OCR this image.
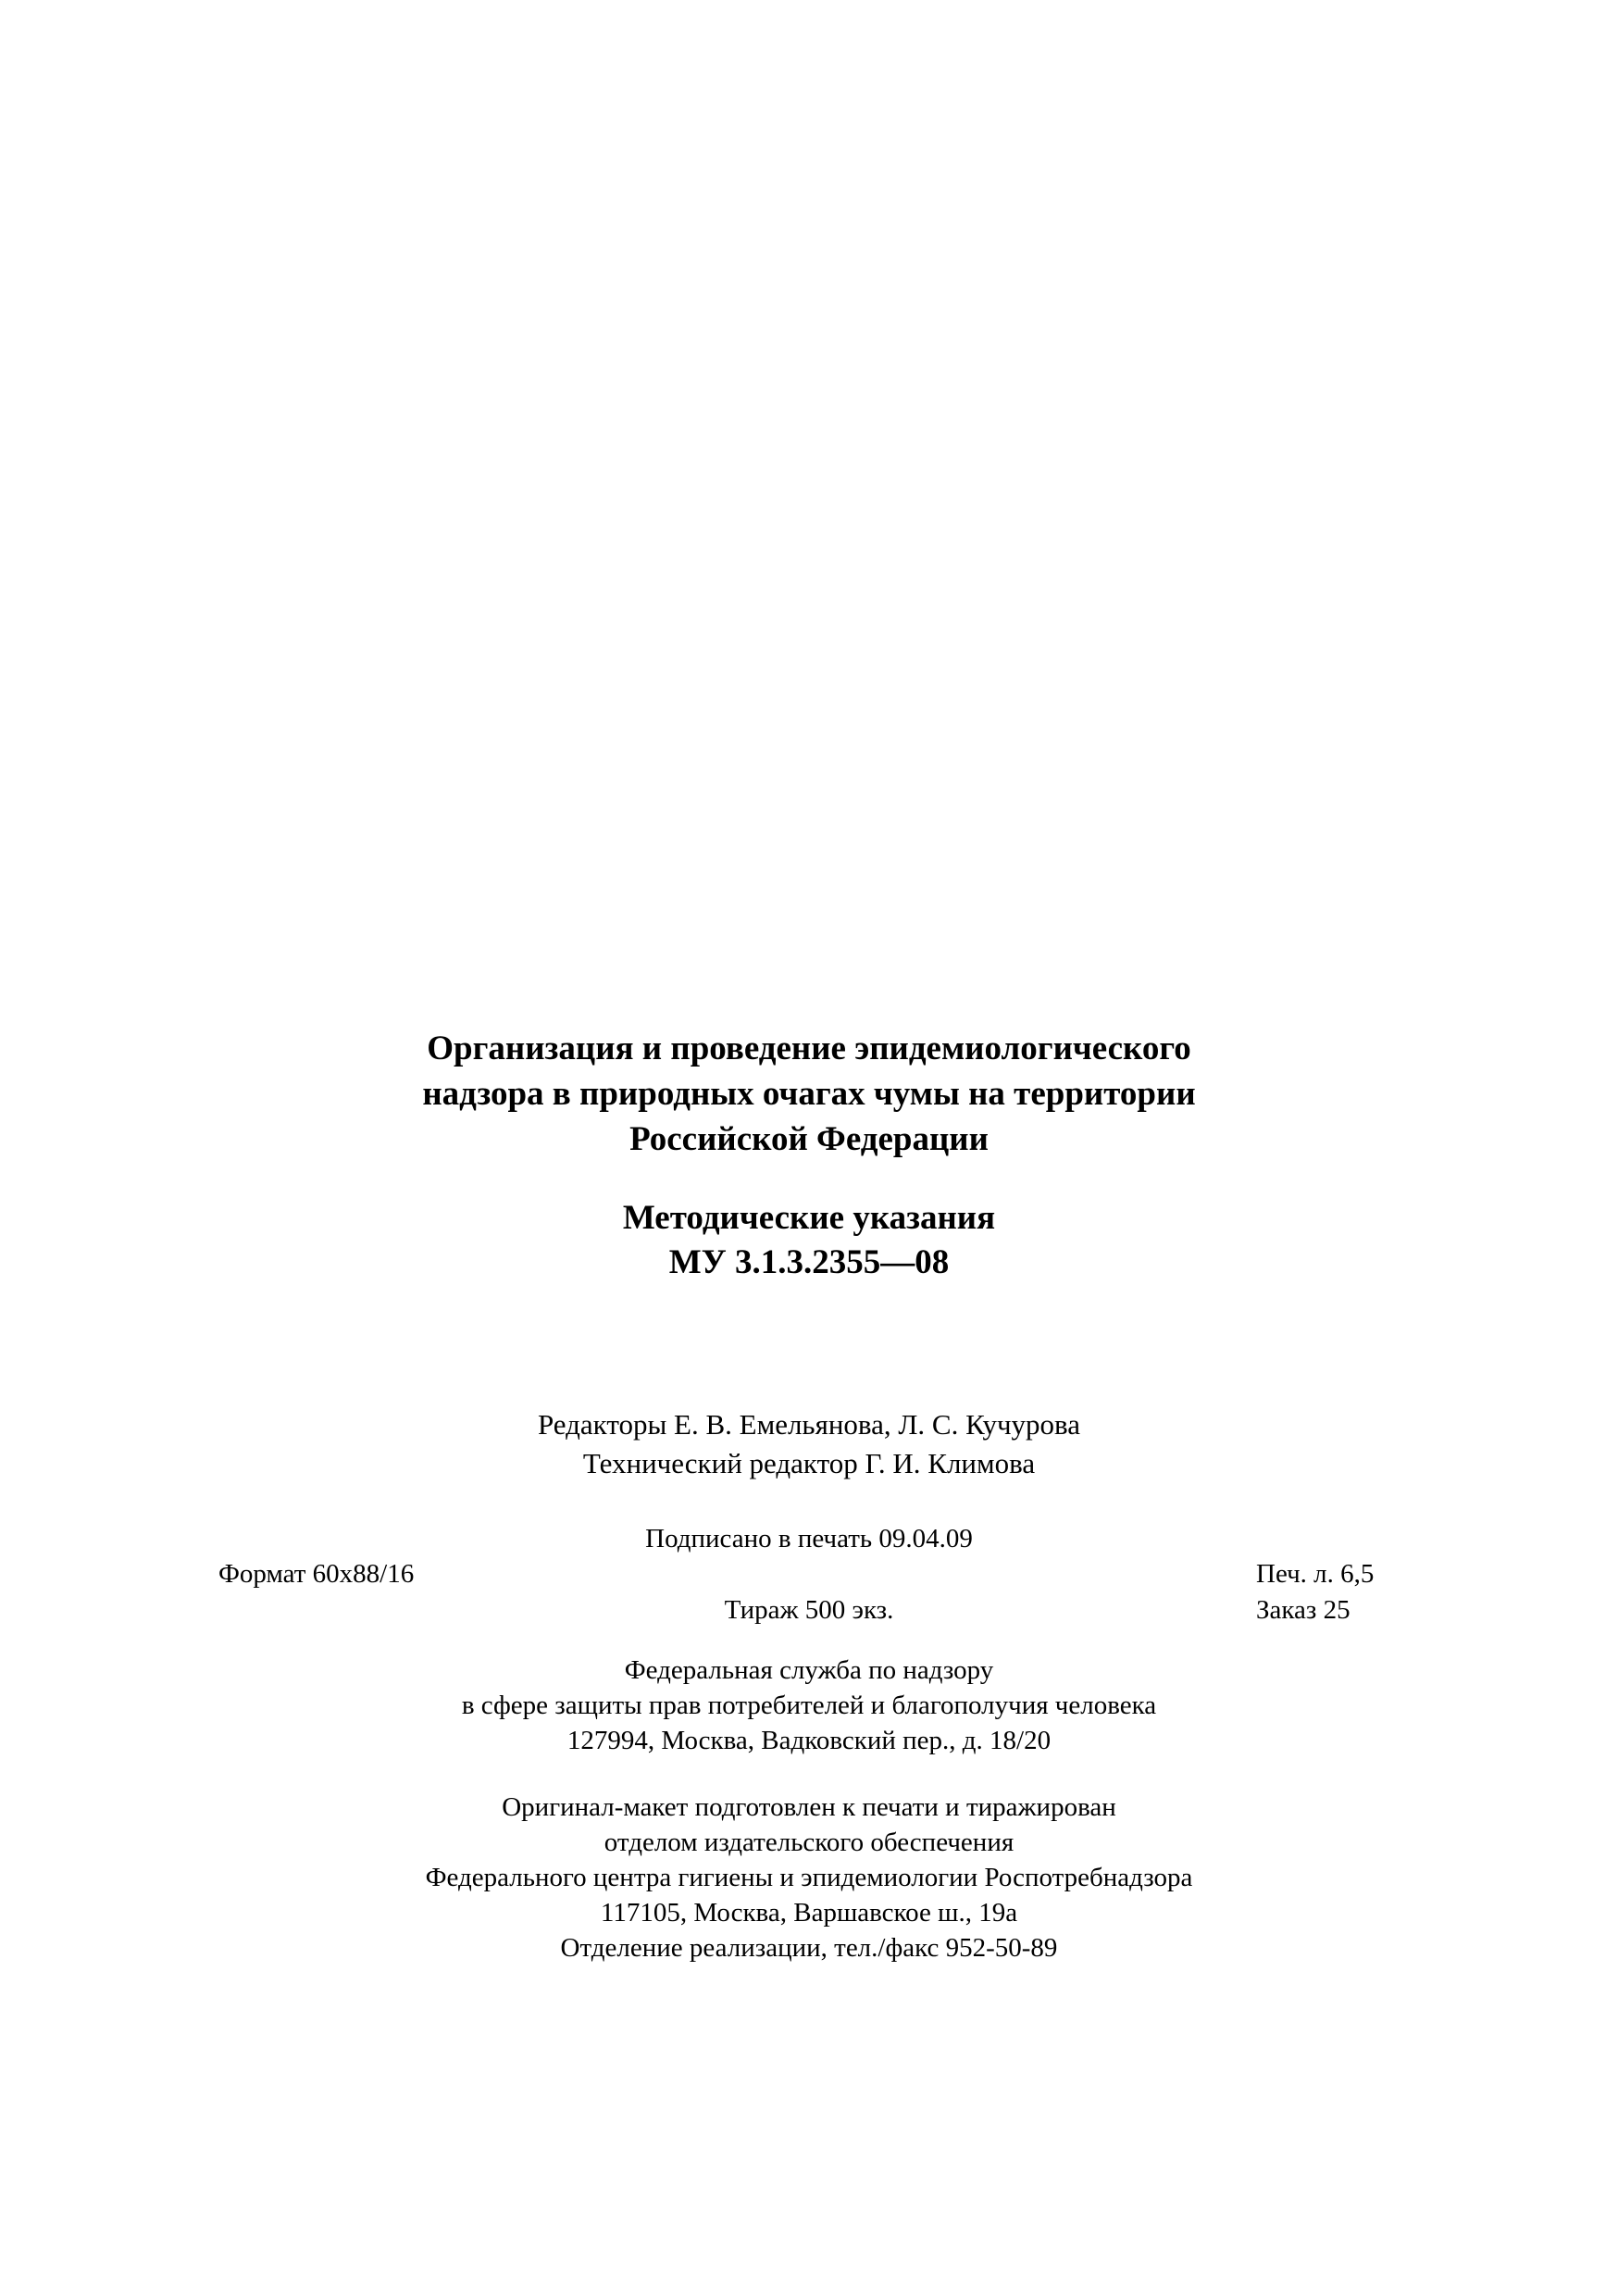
Организация и проведение эпидемиологического
надзора в природных очагах чумы на территории
Российской Федерации
Методические указания
МУ 3.1.3.2355—08
Редакторы Е. В. Емельянова, Л. С. Кучурова
Технический редактор Г. И. Климова
Подписано в печать 09.04.09
Формат 60x88/16	Печ. л. 6,5
Тираж 500 экз.	Заказ 25
Федеральная служба по надзору
в сфере защиты прав потребителей и благополучия человека
127994, Москва, Вадковский пер., д. 18/20
Оригинал-макет подготовлен к печати и тиражирован
отделом издательского обеспечения
Федерального центра гигиены и эпидемиологии Роспотребнадзора
117105, Москва, Варшавское ш., 19а
Отделение реализации, тел./факс 952-50-89
